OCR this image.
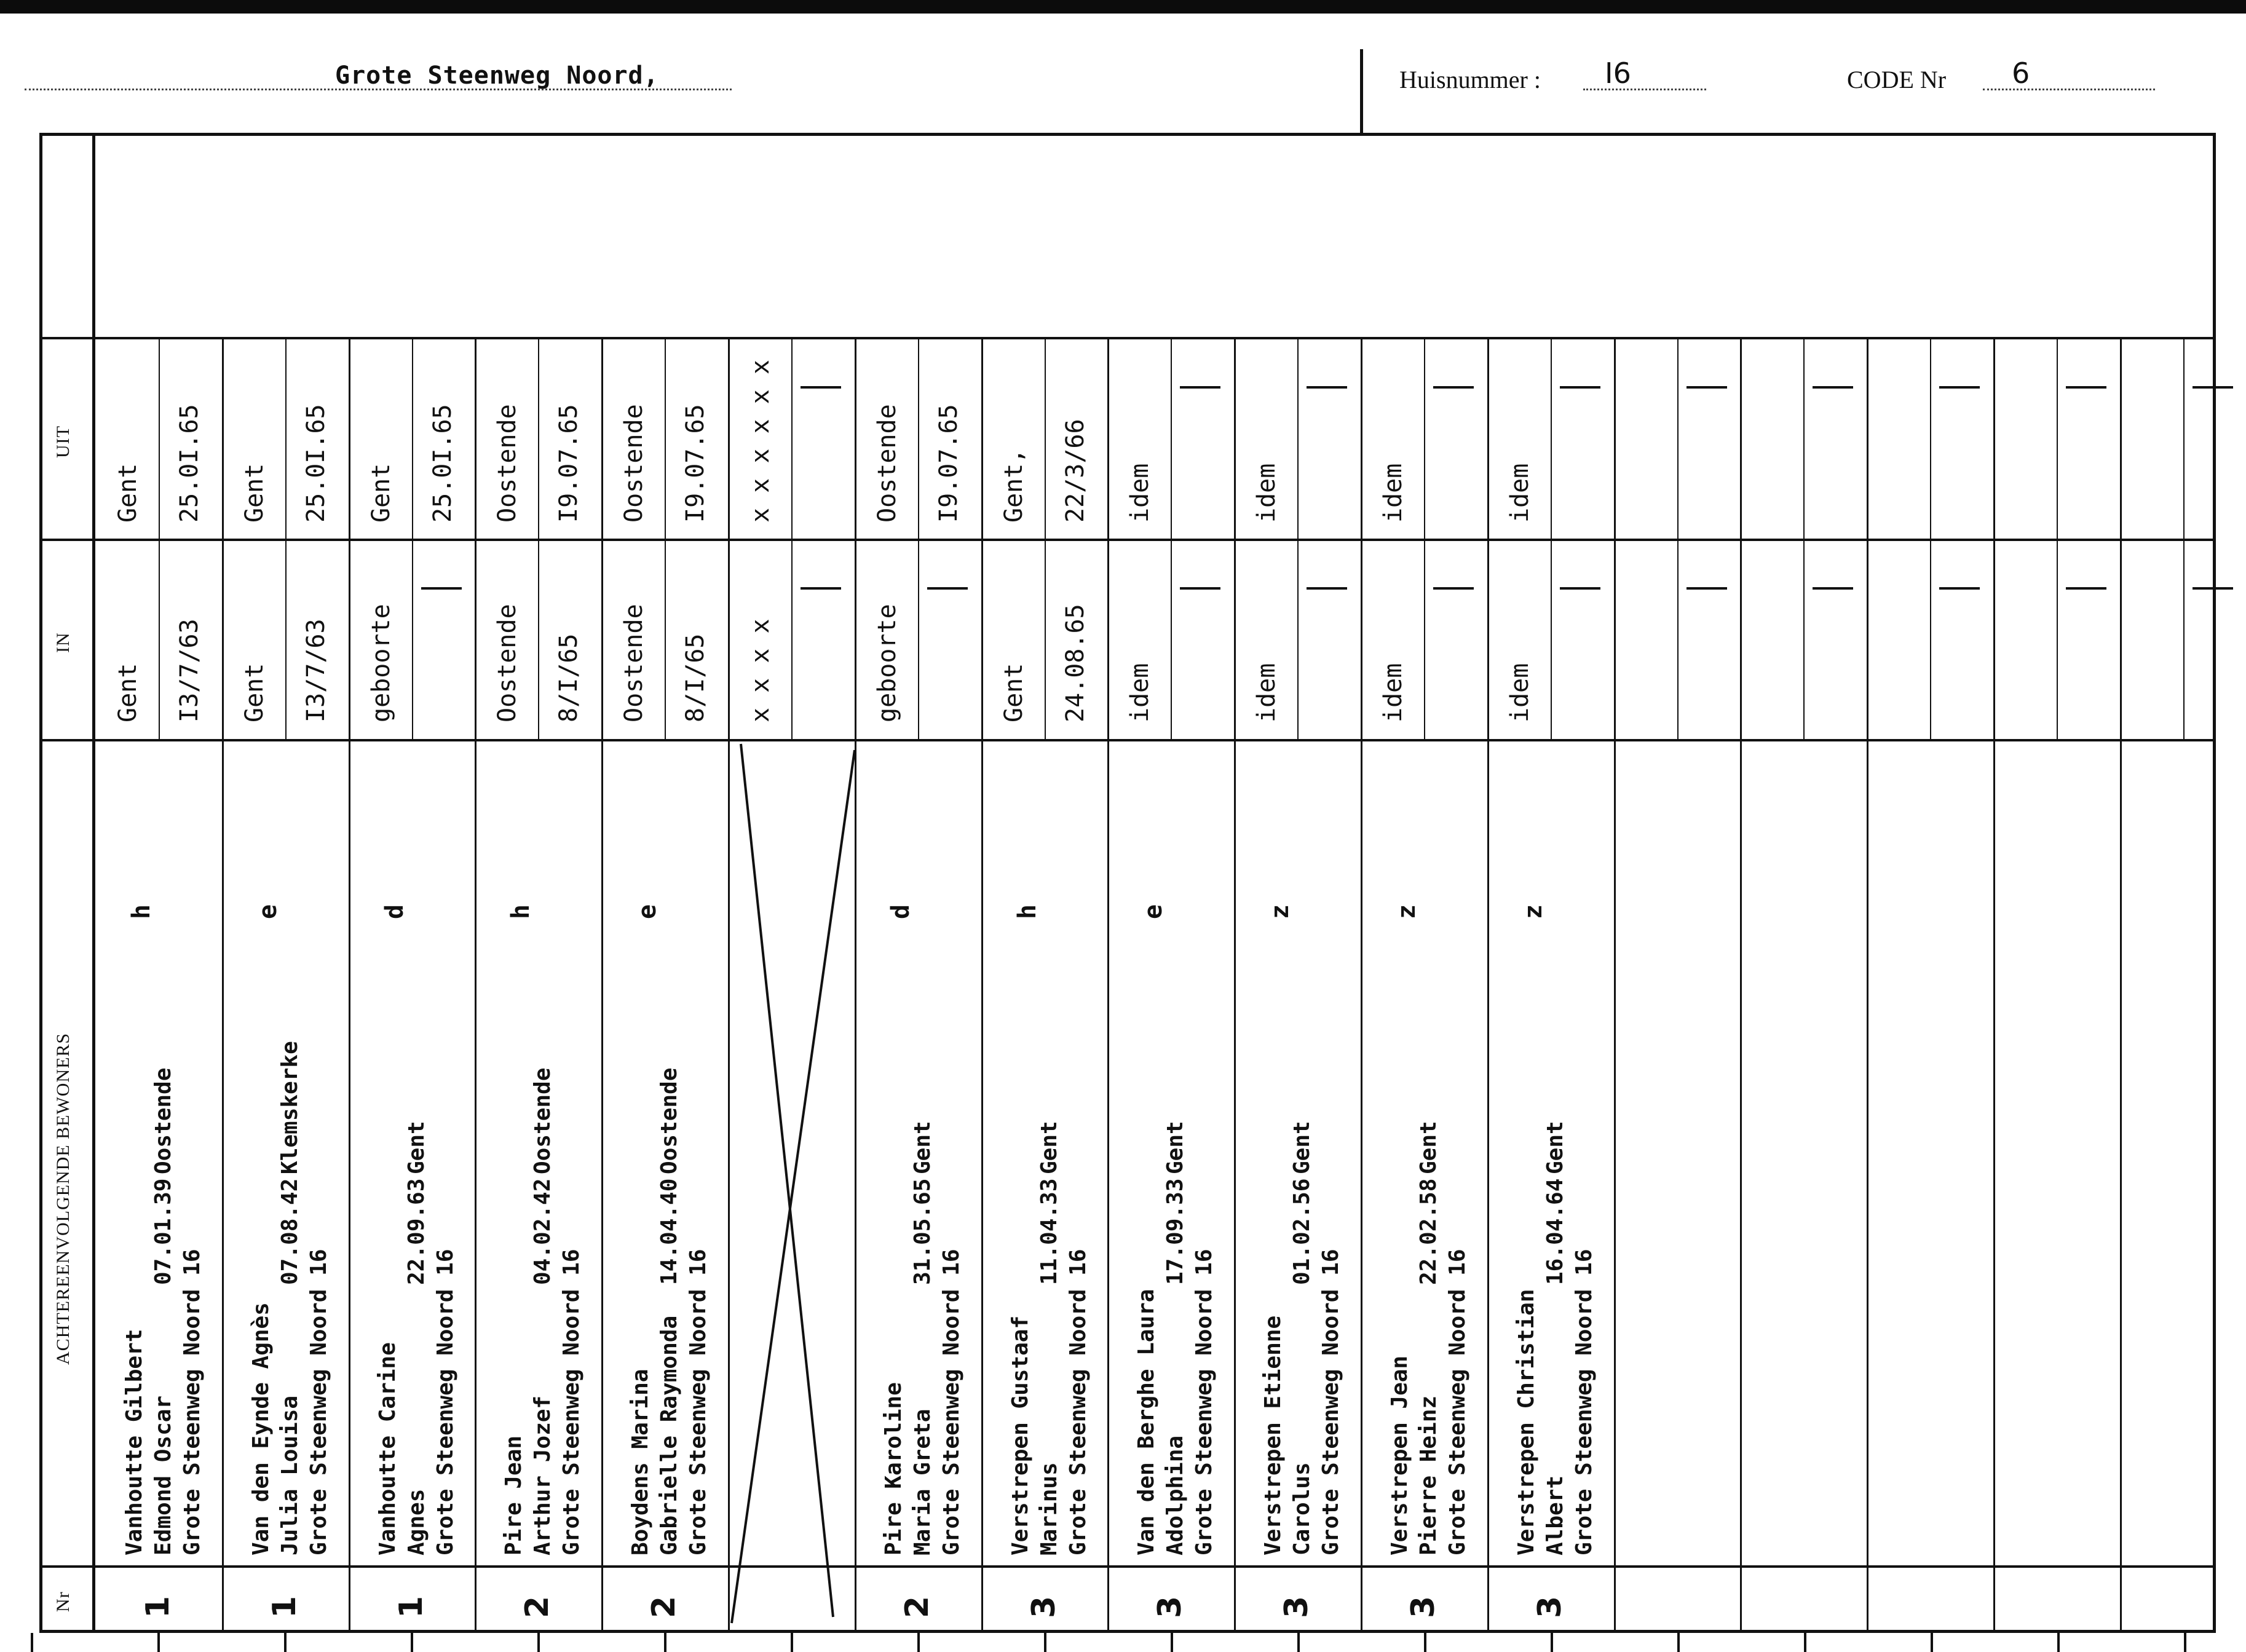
Grote Steenweg Noord,	Huisnummer : I6	CODE Nr 6
UIT
IN
ACHTEREENVOLGENDE BEWONERS
Nr 1
Vanhoutte Gilbert Edmond Oscar
07.01.39
Oostende
Grote Steenweg Noord 16
h
Gent I3/7/63
Gent 25.0I.65
1
Van den Eynde Agnès Julia Louisa
07.08.42
Klemskerke
Grote Steenweg Noord 16
e
Gent I3/7/63
Gent 25.0I.65
1
Vanhoutte Carine Agnes
22.09.63
Gent
Grote Steenweg Noord 16
d
geboorte
Gent 25.0I.65
2
Pire Jean Arthur Jozef
04.02.42
Oostende
Grote Steenweg Noord 16
h
Oostende 8/I/65
Oostende I9.07.65
2
Boydens Marina Gabrielle Raymonda
14.04.40
Oostende
Grote Steenweg Noord 16
e
Oostende 8/I/65
Oostende I9.07.65
x x x x
x x x x x x
2
Pire Karoline Maria Greta
31.05.65
Gent
Grote Steenweg Noord 16
d
geboorte
Oostende I9.07.65
3
Verstrepen Gustaaf Marinus
11.04.33
Gent
Grote Steenweg Noord 16
h
Gent 24.08.65
Gent, 22/3/66
3
Van den Berghe Laura Adolphina
17.09.33
Gent
Grote Steenweg Noord 16
e
idem
idem
3
Verstrepen Etienne Carolus
01.02.56
Gent
Grote Steenweg Noord 16
z
idem
idem
3
Verstrepen Jean Pierre Heinz
22.02.58
Gent
Grote Steenweg Noord 16
z
idem
idem
3
Verstrepen Christian Albert
16.04.64
Gent
Grote Steenweg Noord 16
z
idem
idem
